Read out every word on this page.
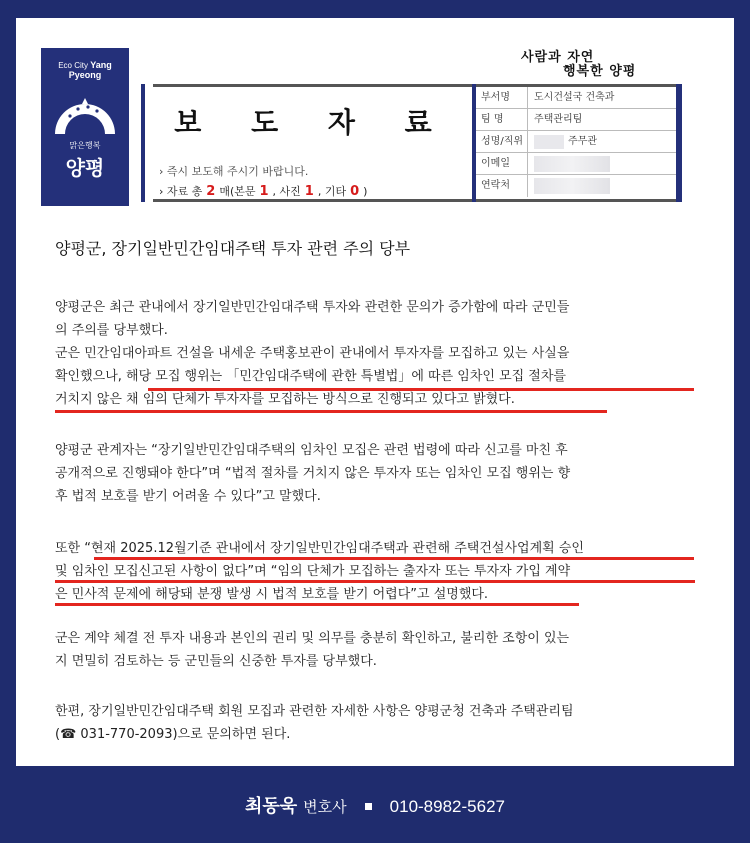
Eco City Yang Pyeong
맑은행복
양평
사람과 자연
행복한 양평
보 도 자 료
› 즉시 보도해 주시기 바랍니다.
› 자료 총 2 매(본문 1 , 사진 1 , 기타 0 )
부서명	도시건설국 건축과
팀 명	주택관리팀
성명/직위	주무관
이메일
연락처
양평군, 장기일반민간임대주택 투자 관련 주의 당부
양평군은 최근 관내에서 장기일반민간임대주택 투자와 관련한 문의가 증가함에 따라 군민들
의 주의를 당부했다.
군은 민간임대아파트 건설을 내세운 주택홍보관이 관내에서 투자자를 모집하고 있는 사실을
확인했으나, 해당 모집 행위는 「민간임대주택에 관한 특별법」에 따른 임차인 모집 절차를
거치지 않은 채 임의 단체가 투자자를 모집하는 방식으로 진행되고 있다고 밝혔다.
양평군 관계자는 “장기일반민간임대주택의 임차인 모집은 관련 법령에 따라 신고를 마친 후
공개적으로 진행돼야 한다”며 “법적 절차를 거치지 않은 투자자 또는 임차인 모집 행위는 향
후 법적 보호를 받기 어려울 수 있다”고 말했다.
또한 “현재 2025.12월기준 관내에서 장기일반민간임대주택과 관련해 주택건설사업계획 승인
및 임차인 모집신고된 사항이 없다”며 “임의 단체가 모집하는 출자자 또는 투자자 가입 계약
은 민사적 문제에 해당돼 분쟁 발생 시 법적 보호를 받기 어렵다”고 설명했다.
군은 계약 체결 전 투자 내용과 본인의 권리 및 의무를 충분히 확인하고, 불리한 조항이 있는
지 면밀히 검토하는 등 군민들의 신중한 투자를 당부했다.
한편, 장기일반민간임대주택 회원 모집과 관련한 자세한 사항은 양평군청 건축과 주택관리팀
(☎ 031-770-2093)으로 문의하면 된다.
최동욱 변호사	010-8982-5627
